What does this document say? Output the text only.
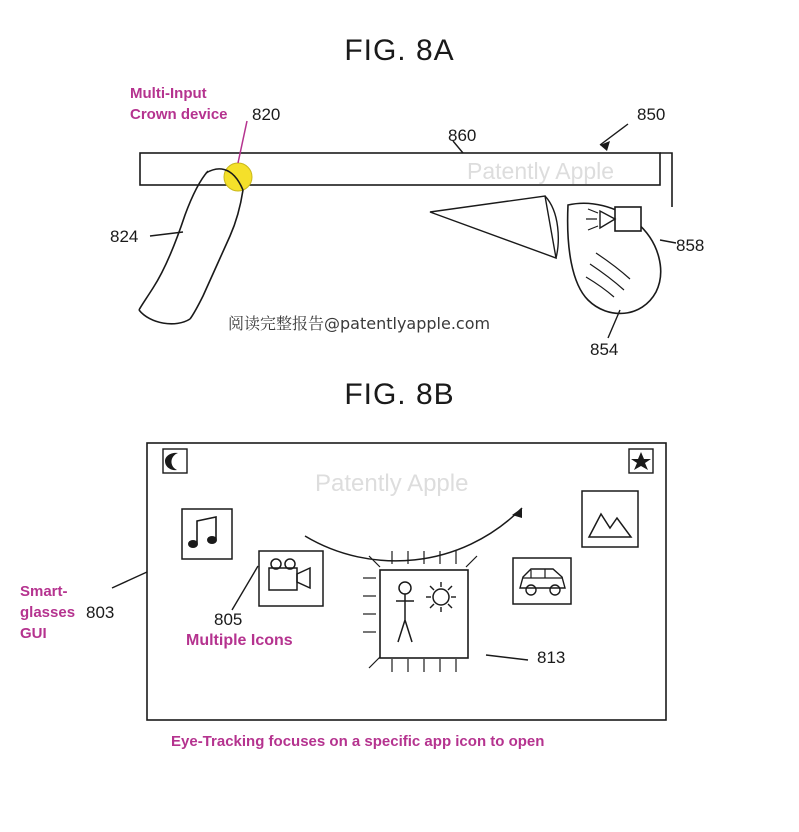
FIG. 8A
FIG. 8B
Multi-Input
Crown device 820
824
860
850
858
854
Patently Apple
阅读完整报告@patentlyapple.com
Patently Apple
Smart-
glasses
GUI
803	805
813
Multiple Icons
Eye-Tracking focuses on a specific app icon to open
